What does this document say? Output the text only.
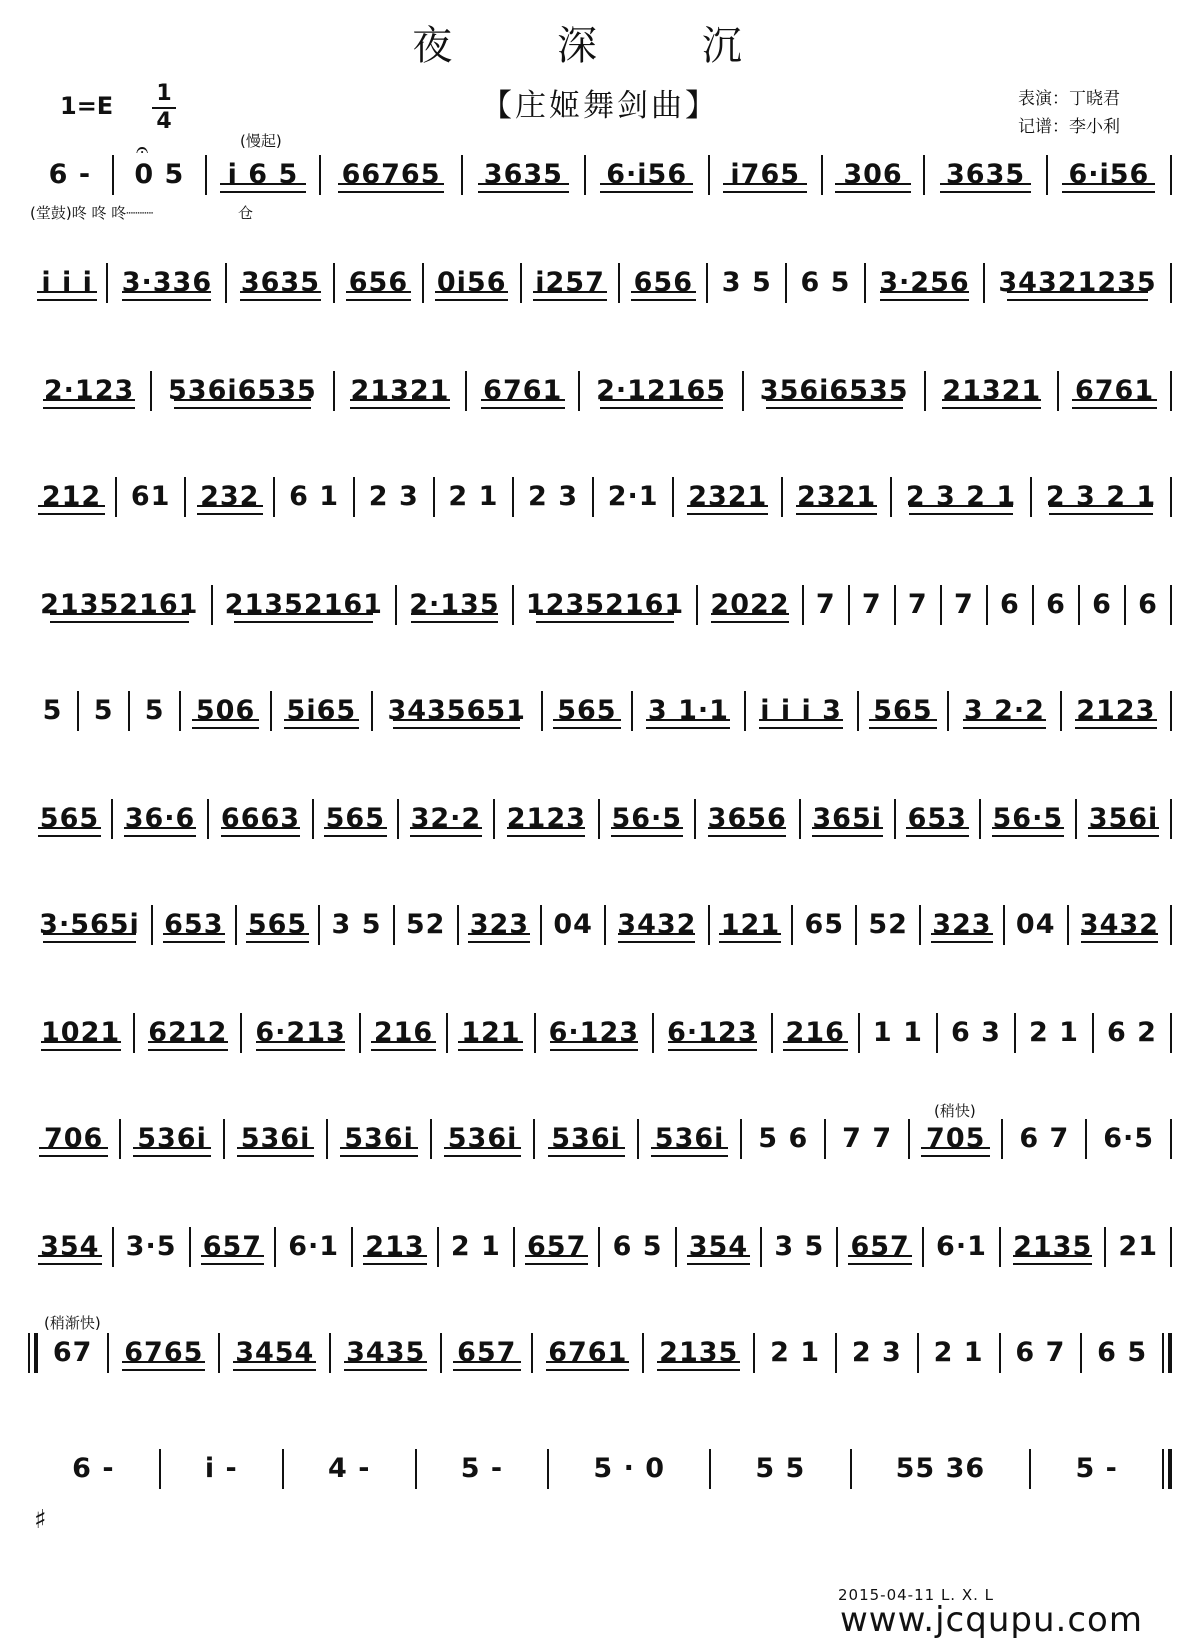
夜 深 沉
【庄姬舞剑曲】
1=E 1
4
表演：丁晓君
记谱：李小利
(慢起)
(堂鼓)咚 咚 咚┈┈┈	仓
(稍快)
(稍渐快)
𝄐
♯
6 -	0 5	i 6 5	66765	3635	6·i56	i765	306	3635	6·i56
i i i	3·336	3635	656	0i56	i257	656	3 5	6 5	3·256	34321235
2·123	536i6535	21321	6761	2·12165	356i6535	21321	6761
212	61	232	6 1	2 3	2 1	2 3	2·1	2321	2321	2 3 2 1	2 3 2 1
21352161 21352161 2·135 12352161 2022 7 7 7 7 6 6 6 6
5	5	5	506	5i65	3435651	565	3 1·1	i i i 3	565	3 2·2	2123
565 36·6 6663 565 32·2 2123 56·5 3656 365i 653 56·5 356i
3·565i 653 565 3 5 52 323 04 3432 121 65 52 323 04 3432
1021	6212	6·213	216	121	6·123	6·123	216	1 1	6 3	2 1	6 2
706	536i	536i	536i	536i	536i	536i	5 6	7 7	705	6 7	6·5
354 3·5 657 6·1 213 2 1 657 6 5 354 3 5 657 6·1 2135 21
67	6765	3454	3435	657	6761	2135	2 1	2 3	2 1	6 7	6 5
6 -	i -	4 -	5 -	5 · 0	5 5	55 36	5 -
2015-04-11 L. X. L
www.jcqupu.com
